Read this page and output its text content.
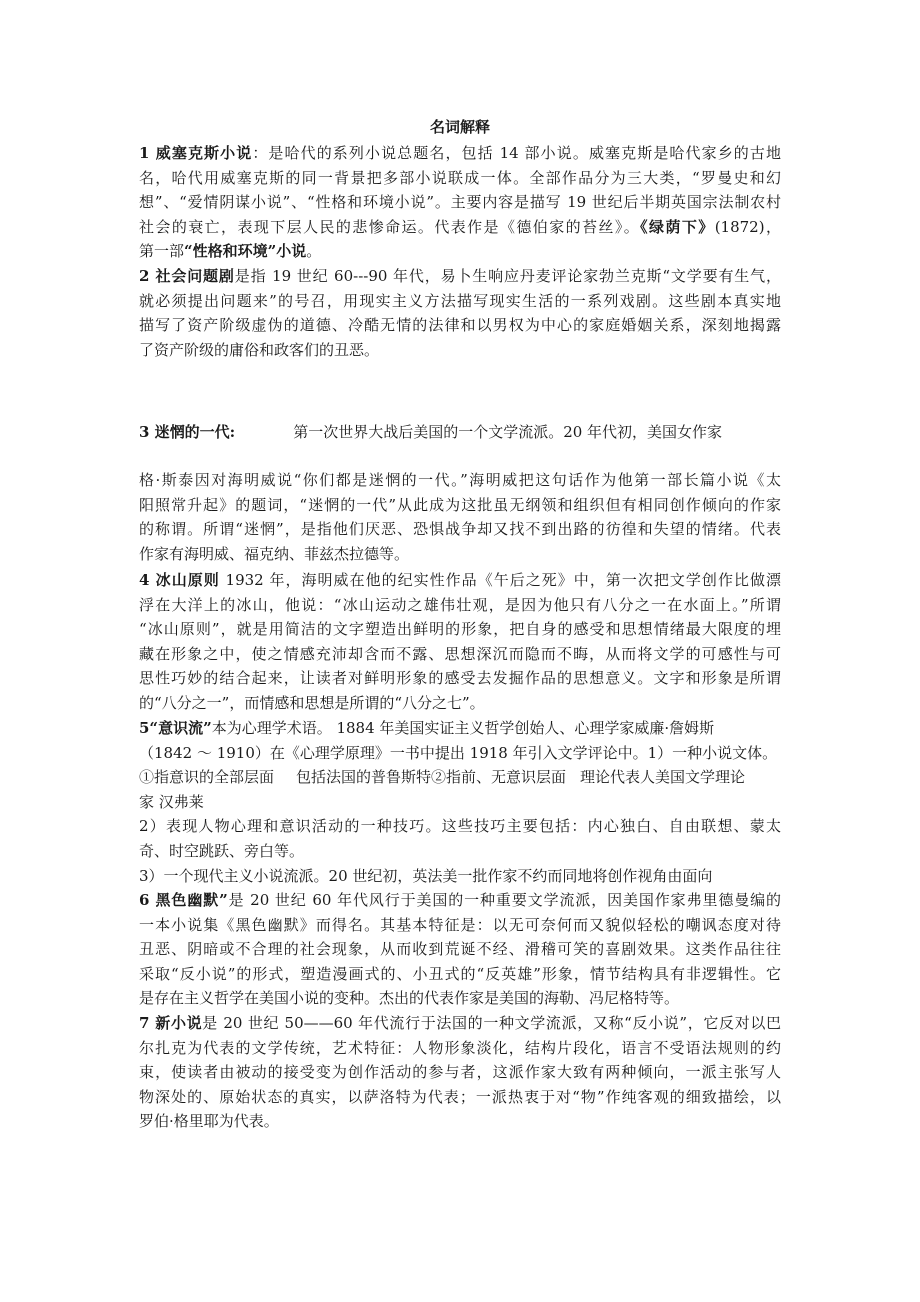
名词解释
1 威塞克斯小说：是哈代的系列小说总题名，包括 14 部小说。威塞克斯是哈代家乡的古地
名，哈代用威塞克斯的同一背景把多部小说联成一体。全部作品分为三大类，“罗曼史和幻
想”、“爱情阴谋小说”、“性格和环境小说”。主要内容是描写 19 世纪后半期英国宗法制农村
社会的衰亡，表现下层人民的悲惨命运。代表作是《德伯家的苔丝》。《绿荫下》(1872)，
第一部“性格和环境”小说。
2 社会问题剧是指 19 世纪 60---90 年代，易卜生响应丹麦评论家勃兰克斯“文学要有生气，
就必须提出问题来”的号召，用现实主义方法描写现实生活的一系列戏剧。这些剧本真实地
描写了资产阶级虚伪的道德、冷酷无情的法律和以男权为中心的家庭婚姻关系，深刻地揭露
了资产阶级的庸俗和政客们的丑恶。
3 迷惘的一代:	第一次世界大战后美国的一个文学流派。20 年代初，美国女作家
格·斯泰因对海明威说“你们都是迷惘的一代。”海明威把这句话作为他第一部长篇小说《太
阳照常升起》的题词，“迷惘的一代”从此成为这批虽无纲领和组织但有相同创作倾向的作家
的称谓。所谓“迷惘”，是指他们厌恶、恐惧战争却又找不到出路的彷徨和失望的情绪。代表
作家有海明威、福克纳、菲兹杰拉德等。
4 冰山原则 1932 年，海明威在他的纪实性作品《午后之死》中，第一次把文学创作比做漂
浮在大洋上的冰山，他说：“冰山运动之雄伟壮观，是因为他只有八分之一在水面上。”所谓
“冰山原则”，就是用简洁的文字塑造出鲜明的形象，把自身的感受和思想情绪最大限度的埋
藏在形象之中，使之情感充沛却含而不露、思想深沉而隐而不晦，从而将文学的可感性与可
思性巧妙的结合起来，让读者对鲜明形象的感受去发掘作品的思想意义。文字和形象是所谓
的“八分之一”，而情感和思想是所谓的“八分之七”。
5“意识流”本为心理学术语。 1884 年美国实证主义哲学创始人、心理学家威廉·詹姆斯
（1842 ～ 1910）在《心理学原理》一书中提出 1918 年引入文学评论中。1）一种小说文体。
①指意识的全部层面 包括法国的普鲁斯特②指前、无意识层面 理论代表人美国文学理论
家 汉弗莱
2）表现人物心理和意识活动的一种技巧。这些技巧主要包括：内心独白、自由联想、蒙太
奇、时空跳跃、旁白等。
3）一个现代主义小说流派。20 世纪初，英法美一批作家不约而同地将创作视角由面向
6 黑色幽默”是 20 世纪 60 年代风行于美国的一种重要文学流派，因美国作家弗里德曼编的
一本小说集《黑色幽默》而得名。其基本特征是：以无可奈何而又貌似轻松的嘲讽态度对待
丑恶、阴暗或不合理的社会现象，从而收到荒诞不经、滑稽可笑的喜剧效果。这类作品往往
采取“反小说”的形式，塑造漫画式的、小丑式的“反英雄”形象，情节结构具有非逻辑性。它
是存在主义哲学在美国小说的变种。杰出的代表作家是美国的海勒、冯尼格特等。
7 新小说是 20 世纪 50——60 年代流行于法国的一种文学流派，又称“反小说”，它反对以巴
尔扎克为代表的文学传统，艺术特征：人物形象淡化，结构片段化，语言不受语法规则的约
束，使读者由被动的接受变为创作活动的参与者，这派作家大致有两种倾向，一派主张写人
物深处的、原始状态的真实，以萨洛特为代表；一派热衷于对“物”作纯客观的细致描绘，以
罗伯·格里耶为代表。
